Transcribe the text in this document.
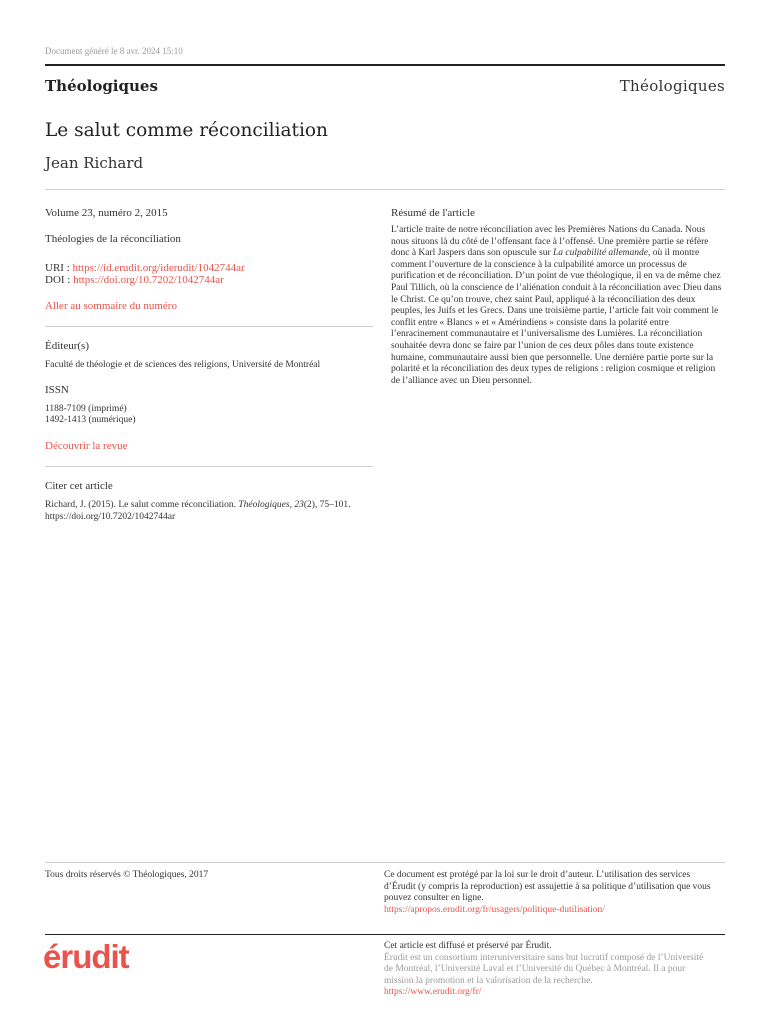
Document généré le 8 avr. 2024 15:10
Théologiques	Théologiques
Le salut comme réconciliation
Jean Richard
Volume 23, numéro 2, 2015
Théologies de la réconciliation
URI : https://id.erudit.org/iderudit/1042744ar
DOI : https://doi.org/10.7202/1042744ar
Aller au sommaire du numéro
Éditeur(s)
Faculté de théologie et de sciences des religions, Université de Montréal
ISSN
1188-7109 (imprimé)
1492-1413 (numérique)
Découvrir la revue
Citer cet article
Richard, J. (2015). Le salut comme réconciliation. Théologiques, 23(2), 75–101.
https://doi.org/10.7202/1042744ar
Résumé de l'article
L’article traite de notre réconciliation avec les Premières Nations du Canada. Nous nous situons là du côté de l’offensant face à l’offensé. Une première partie se réfère donc à Karl Jaspers dans son opuscule sur La culpabilité allemande, où il montre comment l’ouverture de la conscience à la culpabilité amorce un processus de purification et de réconciliation. D’un point de vue théologique, il en va de même chez Paul Tillich, où la conscience de l’aliénation conduit à la réconciliation avec Dieu dans le Christ. Ce qu’on trouve, chez saint Paul, appliqué à la réconciliation des deux peuples, les Juifs et les Grecs. Dans une troisième partie, l’article fait voir comment le conflit entre « Blancs » et « Amérindiens » consiste dans la polarité entre l’enracinement communautaire et l’universalisme des Lumières. La réconciliation souhaitée devra donc se faire par l’union de ces deux pôles dans toute existence humaine, communautaire aussi bien que personnelle. Une dernière partie porte sur la polarité et la réconciliation des deux types de religions : religion cosmique et religion de l’alliance avec un Dieu personnel.
Tous droits réservés © Théologiques, 2017	Ce document est protégé par la loi sur le droit d’auteur. L’utilisation des services d’Érudit (y compris la reproduction) est assujettie à sa politique d’utilisation que vous pouvez consulter en ligne.
https://apropos.erudit.org/fr/usagers/politique-dutilisation/
érudit	Cet article est diffusé et préservé par Érudit.
Érudit est un consortium interuniversitaire sans but lucratif composé de l’Université de Montréal, l’Université Laval et l’Université du Québec à Montréal. Il a pour mission la promotion et la valorisation de la recherche.
https://www.erudit.org/fr/
